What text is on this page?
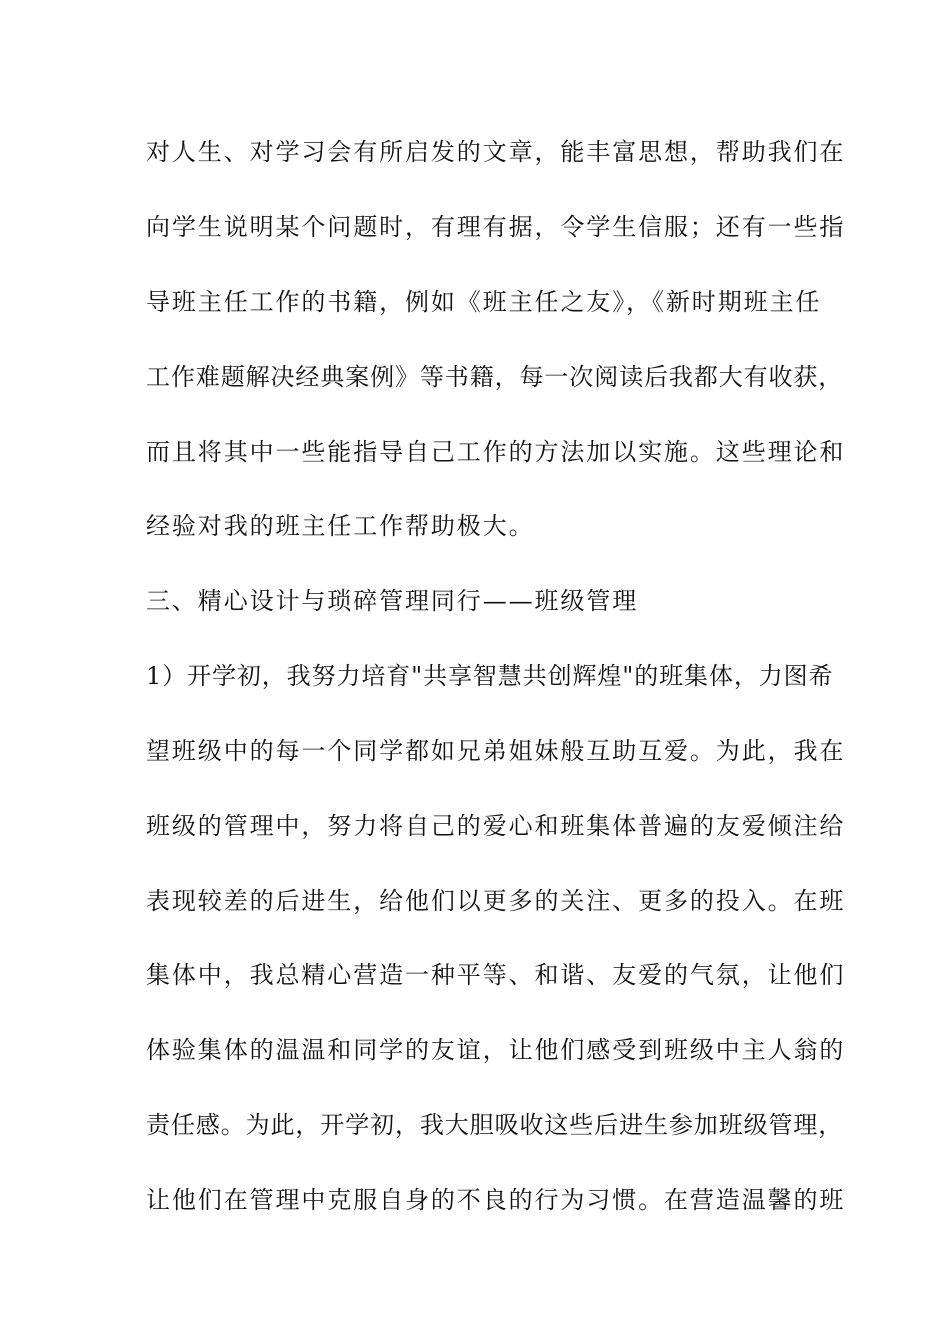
对人生、对学习会有所启发的文章，能丰富思想，帮助我们在
向学生说明某个问题时，有理有据，令学生信服；还有一些指
导班主任工作的书籍，例如《班主任之友》，《新时期班主任
工作难题解决经典案例》等书籍，每一次阅读后我都大有收获，
而且将其中一些能指导自己工作的方法加以实施。这些理论和
经验对我的班主任工作帮助极大。
三、精心设计与琐碎管理同行——班级管理
1）开学初，我努力培育"共享智慧共创辉煌"的班集体，力图希
望班级中的每一个同学都如兄弟姐妹般互助互爱。为此，我在
班级的管理中，努力将自己的爱心和班集体普遍的友爱倾注给
表现较差的后进生，给他们以更多的关注、更多的投入。在班
集体中，我总精心营造一种平等、和谐、友爱的气氛，让他们
体验集体的温温和同学的友谊，让他们感受到班级中主人翁的
责任感。为此，开学初，我大胆吸收这些后进生参加班级管理，
让他们在管理中克服自身的不良的行为习惯。在营造温馨的班
